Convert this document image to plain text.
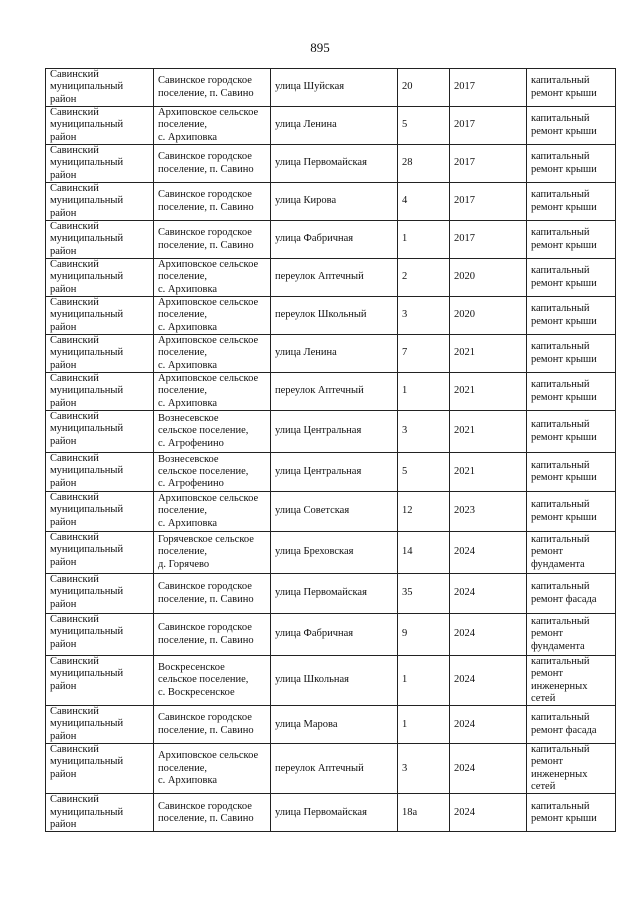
895
Савинский
муниципальный
район	Савинское городское
поселение, п. Савино	улица Шуйская	20	2017	капитальный
ремонт крыши
Савинский
муниципальный
район	Архиповское сельское
поселение,
с. Архиповка	улица Ленина	5	2017	капитальный
ремонт крыши
Савинский
муниципальный
район	Савинское городское
поселение, п. Савино	улица Первомайская	28	2017	капитальный
ремонт крыши
Савинский
муниципальный
район	Савинское городское
поселение, п. Савино	улица Кирова	4	2017	капитальный
ремонт крыши
Савинский
муниципальный
район	Савинское городское
поселение, п. Савино	улица Фабричная	1	2017	капитальный
ремонт крыши
Савинский
муниципальный
район	Архиповское сельское
поселение,
с. Архиповка	переулок Аптечный	2	2020	капитальный
ремонт крыши
Савинский
муниципальный
район	Архиповское сельское
поселение,
с. Архиповка	переулок Школьный	3	2020	капитальный
ремонт крыши
Савинский
муниципальный
район	Архиповское сельское
поселение,
с. Архиповка	улица Ленина	7	2021	капитальный
ремонт крыши
Савинский
муниципальный
район	Архиповское сельское
поселение,
с. Архиповка	переулок Аптечный	1	2021	капитальный
ремонт крыши
Савинский
муниципальный
район	Вознесевское
сельское поселение,
с. Агрофенино	улица Центральная	3	2021	капитальный
ремонт крыши
Савинский
муниципальный
район	Вознесевское
сельское поселение,
с. Агрофенино	улица Центральная	5	2021	капитальный
ремонт крыши
Савинский
муниципальный
район	Архиповское сельское
поселение,
с. Архиповка	улица Советская	12	2023	капитальный
ремонт крыши
Савинский
муниципальный
район	Горячевское сельское
поселение,
д. Горячево	улица Бреховская	14	2024	капитальный
ремонт
фундамента
Савинский
муниципальный
район	Савинское городское
поселение, п. Савино	улица Первомайская	35	2024	капитальный
ремонт фасада
Савинский
муниципальный
район	Савинское городское
поселение, п. Савино	улица Фабричная	9	2024	капитальный
ремонт
фундамента
Савинский
муниципальный
район	Воскресенское
сельское поселение,
с. Воскресенское	улица Школьная	1	2024	капитальный
ремонт
инженерных
сетей
Савинский
муниципальный
район	Савинское городское
поселение, п. Савино	улица Марова	1	2024	капитальный
ремонт фасада
Савинский
муниципальный
район	Архиповское сельское
поселение,
с. Архиповка	переулок Аптечный	3	2024	капитальный
ремонт
инженерных
сетей
Савинский
муниципальный
район	Савинское городское
поселение, п. Савино	улица Первомайская	18а	2024	капитальный
ремонт крыши
